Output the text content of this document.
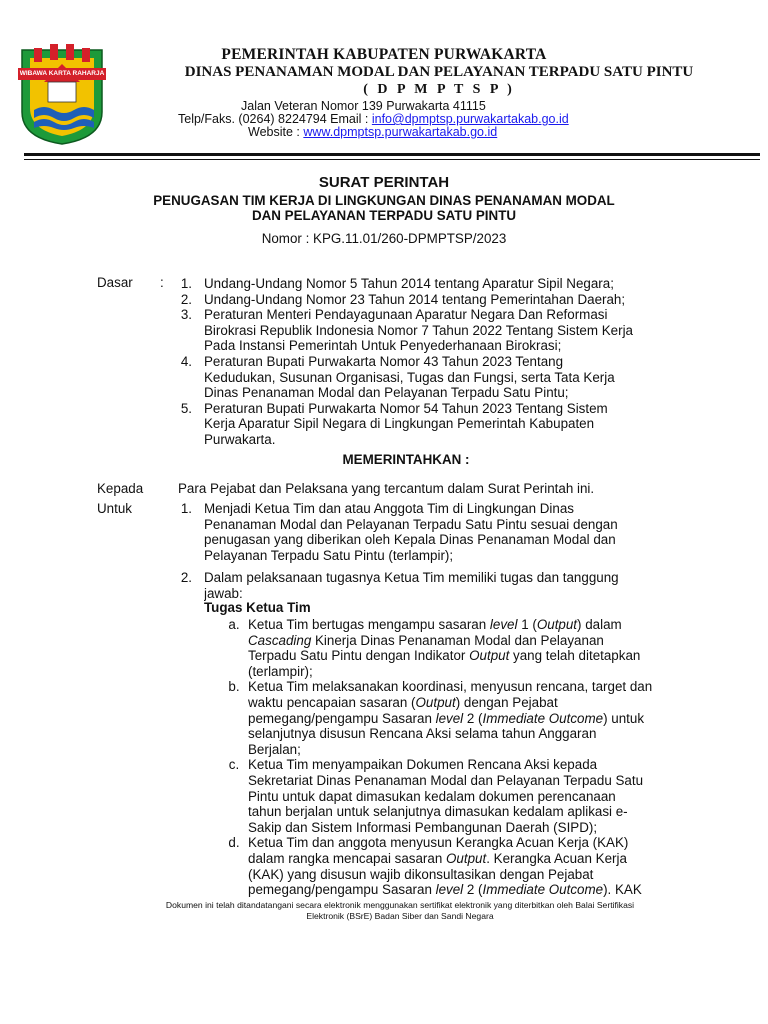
WIBAWA KARTA RAHARJA
PEMERINTAH KABUPATEN PURWAKARTA
DINAS PENANAMAN MODAL DAN PELAYANAN TERPADU SATU PINTU
( D P M P T S P )
Jalan Veteran Nomor 139 Purwakarta 41115
Telp/Faks. (0264) 8224794 Email : info@dpmptsp.purwakartakab.go.id
Website : www.dpmptsp.purwakartakab.go.id
SURAT PERINTAH
PENUGASAN TIM KERJA DI LINGKUNGAN DINAS PENANAMAN MODAL
DAN PELAYANAN TERPADU SATU PINTU
Nomor : KPG.11.01/260-DPMPTSP/2023
Dasar :	1. Undang-Undang Nomor 5 Tahun 2014 tentang Aparatur Sipil Negara;
2. Undang-Undang Nomor 23 Tahun 2014 tentang Pemerintahan Daerah;
3. Peraturan Menteri Pendayagunaan Aparatur Negara Dan Reformasi
Birokrasi Republik Indonesia Nomor 7 Tahun 2022 Tentang Sistem Kerja
Pada Instansi Pemerintah Untuk Penyederhanaan Birokrasi;
4. Peraturan Bupati Purwakarta Nomor 43 Tahun 2023 Tentang
Kedudukan, Susunan Organisasi, Tugas dan Fungsi, serta Tata Kerja
Dinas Penanaman Modal dan Pelayanan Terpadu Satu Pintu;
5. Peraturan Bupati Purwakarta Nomor 54 Tahun 2023 Tentang Sistem
Kerja Aparatur Sipil Negara di Lingkungan Pemerintah Kabupaten
Purwakarta.
MEMERINTAHKAN :
Kepada	Para Pejabat dan Pelaksana yang tercantum dalam Surat Perintah ini.
Untuk	1. Menjadi Ketua Tim dan atau Anggota Tim di Lingkungan Dinas
Penanaman Modal dan Pelayanan Terpadu Satu Pintu sesuai dengan
penugasan yang diberikan oleh Kepala Dinas Penanaman Modal dan
Pelayanan Terpadu Satu Pintu (terlampir);
2. Dalam pelaksanaan tugasnya Ketua Tim memiliki tugas dan tanggung
jawab:
Tugas Ketua Tim
a. Ketua Tim bertugas mengampu sasaran level 1 (Output) dalam
Cascading Kinerja Dinas Penanaman Modal dan Pelayanan
Terpadu Satu Pintu dengan Indikator Output yang telah ditetapkan
(terlampir);
b. Ketua Tim melaksanakan koordinasi, menyusun rencana, target dan
waktu pencapaian sasaran (Output) dengan Pejabat
pemegang/pengampu Sasaran level 2 (Immediate Outcome) untuk
selanjutnya disusun Rencana Aksi selama tahun Anggaran
Berjalan;
c. Ketua Tim menyampaikan Dokumen Rencana Aksi kepada
Sekretariat Dinas Penanaman Modal dan Pelayanan Terpadu Satu
Pintu untuk dapat dimasukan kedalam dokumen perencanaan
tahun berjalan untuk selanjutnya dimasukan kedalam aplikasi e-
Sakip dan Sistem Informasi Pembangunan Daerah (SIPD);
d. Ketua Tim dan anggota menyusun Kerangka Acuan Kerja (KAK)
dalam rangka mencapai sasaran Output. Kerangka Acuan Kerja
(KAK) yang disusun wajib dikonsultasikan dengan Pejabat
pemegang/pengampu Sasaran level 2 (Immediate Outcome). KAK
Dokumen ini telah ditandatangani secara elektronik menggunakan sertifikat elektronik yang diterbitkan oleh Balai Sertifikasi
Elektronik (BSrE) Badan Siber dan Sandi Negara
